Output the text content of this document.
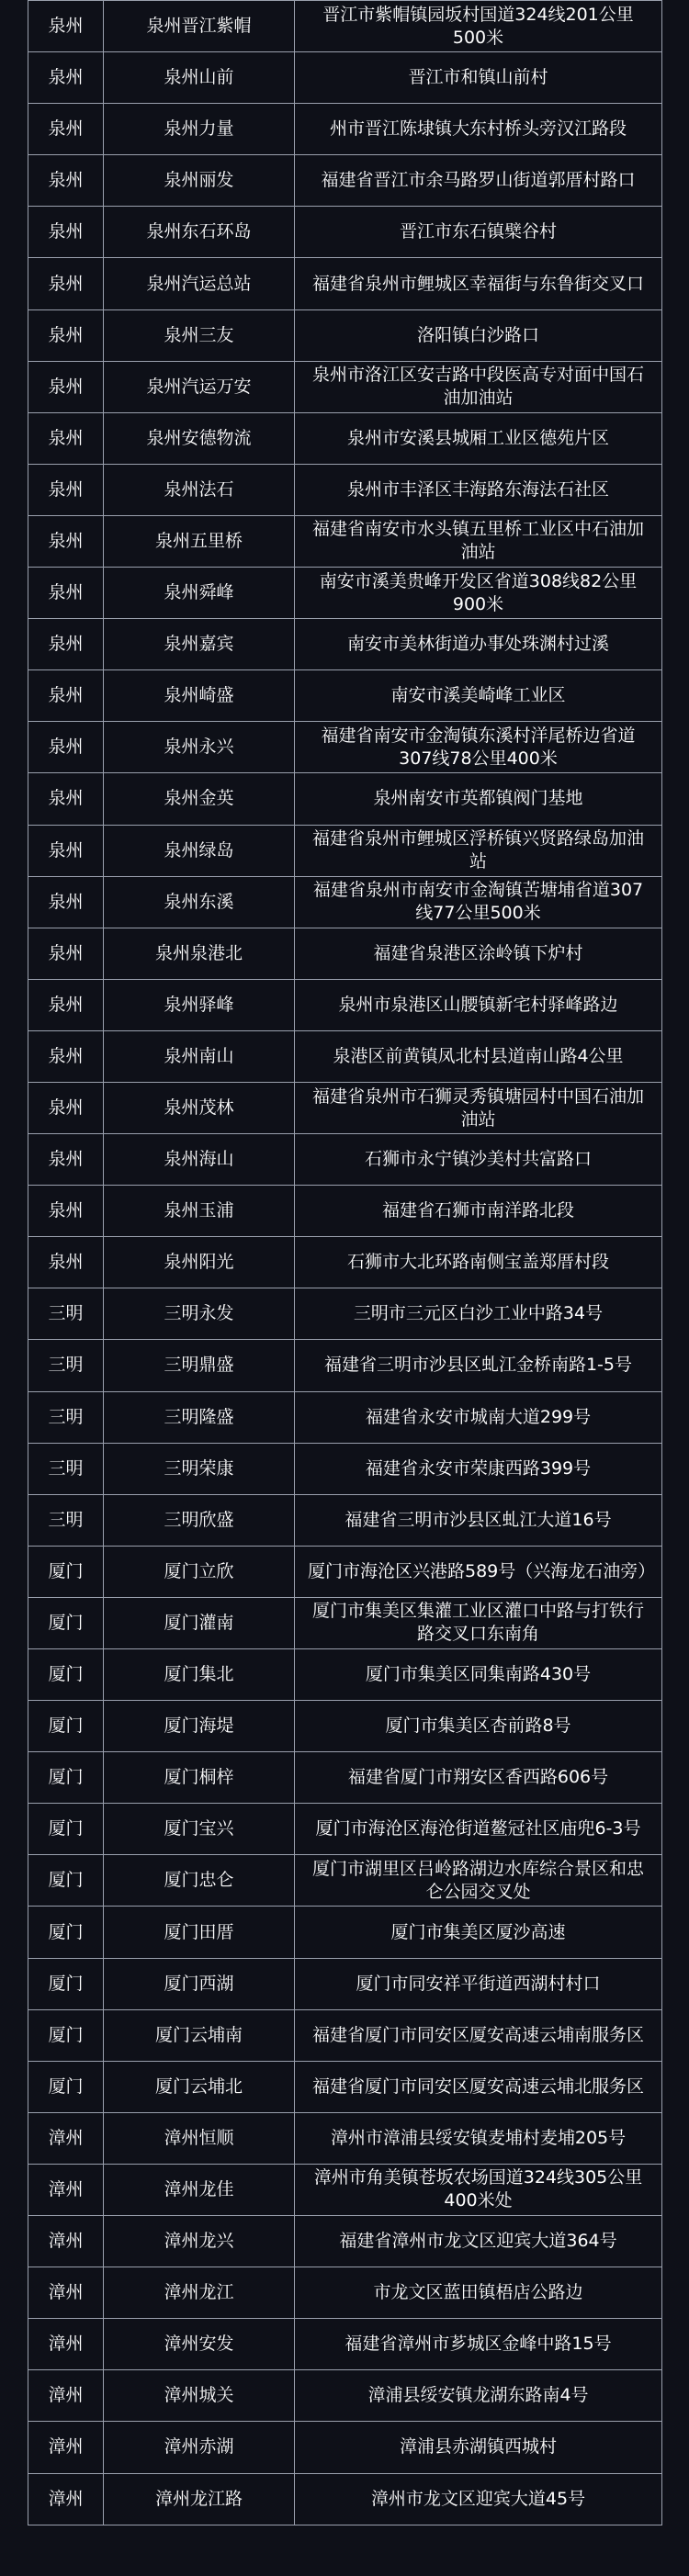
泉州	泉州晋江紫帽	晋江市紫帽镇园坂村国道324线201公里500米
泉州	泉州山前	晋江市和镇山前村
泉州	泉州力量	州市晋江陈埭镇大东村桥头旁汉江路段
泉州	泉州丽发	福建省晋江市余马路罗山街道郭厝村路口
泉州	泉州东石环岛	晋江市东石镇檗谷村
泉州	泉州汽运总站	福建省泉州市鲤城区幸福街与东鲁街交叉口
泉州	泉州三友	洛阳镇白沙路口
泉州	泉州汽运万安	泉州市洛江区安吉路中段医高专对面中国石油加油站
泉州	泉州安德物流	泉州市安溪县城厢工业区德苑片区
泉州	泉州法石	泉州市丰泽区丰海路东海法石社区
泉州	泉州五里桥	福建省南安市水头镇五里桥工业区中石油加油站
泉州	泉州舜峰	南安市溪美贵峰开发区省道308线82公里900米
泉州	泉州嘉宾	南安市美林街道办事处珠渊村过溪
泉州	泉州崎盛	南安市溪美崎峰工业区
泉州	泉州永兴	福建省南安市金淘镇东溪村洋尾桥边省道307线78公里400米
泉州	泉州金英	泉州南安市英都镇阀门基地
泉州	泉州绿岛	福建省泉州市鲤城区浮桥镇兴贤路绿岛加油站
泉州	泉州东溪	福建省泉州市南安市金淘镇苦塘埔省道307线77公里500米
泉州	泉州泉港北	福建省泉港区涂岭镇下炉村
泉州	泉州驿峰	泉州市泉港区山腰镇新宅村驿峰路边
泉州	泉州南山	泉港区前黄镇凤北村县道南山路4公里
泉州	泉州茂林	福建省泉州市石狮灵秀镇塘园村中国石油加油站
泉州	泉州海山	石狮市永宁镇沙美村共富路口
泉州	泉州玉浦	福建省石狮市南洋路北段
泉州	泉州阳光	石狮市大北环路南侧宝盖郑厝村段
三明	三明永发	三明市三元区白沙工业中路34号
三明	三明鼎盛	福建省三明市沙县区虬江金桥南路1-5号
三明	三明隆盛	福建省永安市城南大道299号
三明	三明荣康	福建省永安市荣康西路399号
三明	三明欣盛	福建省三明市沙县区虬江大道16号
厦门	厦门立欣	厦门市海沧区兴港路589号（兴海龙石油旁）
厦门	厦门灌南	厦门市集美区集灌工业区灌口中路与打铁行路交叉口东南角
厦门	厦门集北	厦门市集美区同集南路430号
厦门	厦门海堤	厦门市集美区杏前路8号
厦门	厦门桐梓	福建省厦门市翔安区香西路606号
厦门	厦门宝兴	厦门市海沧区海沧街道鳌冠社区庙兜6-3号
厦门	厦门忠仑	厦门市湖里区吕岭路湖边水库综合景区和忠仑公园交叉处
厦门	厦门田厝	厦门市集美区厦沙高速
厦门	厦门西湖	厦门市同安祥平街道西湖村村口
厦门	厦门云埔南	福建省厦门市同安区厦安高速云埔南服务区
厦门	厦门云埔北	福建省厦门市同安区厦安高速云埔北服务区
漳州	漳州恒顺	漳州市漳浦县绥安镇麦埔村麦埔205号
漳州	漳州龙佳	漳州市角美镇苍坂农场国道324线305公里400米处
漳州	漳州龙兴	福建省漳州市龙文区迎宾大道364号
漳州	漳州龙江	市龙文区蓝田镇梧店公路边
漳州	漳州安发	福建省漳州市芗城区金峰中路15号
漳州	漳州城关	漳浦县绥安镇龙湖东路南4号
漳州	漳州赤湖	漳浦县赤湖镇西城村
漳州	漳州龙江路	漳州市龙文区迎宾大道45号
